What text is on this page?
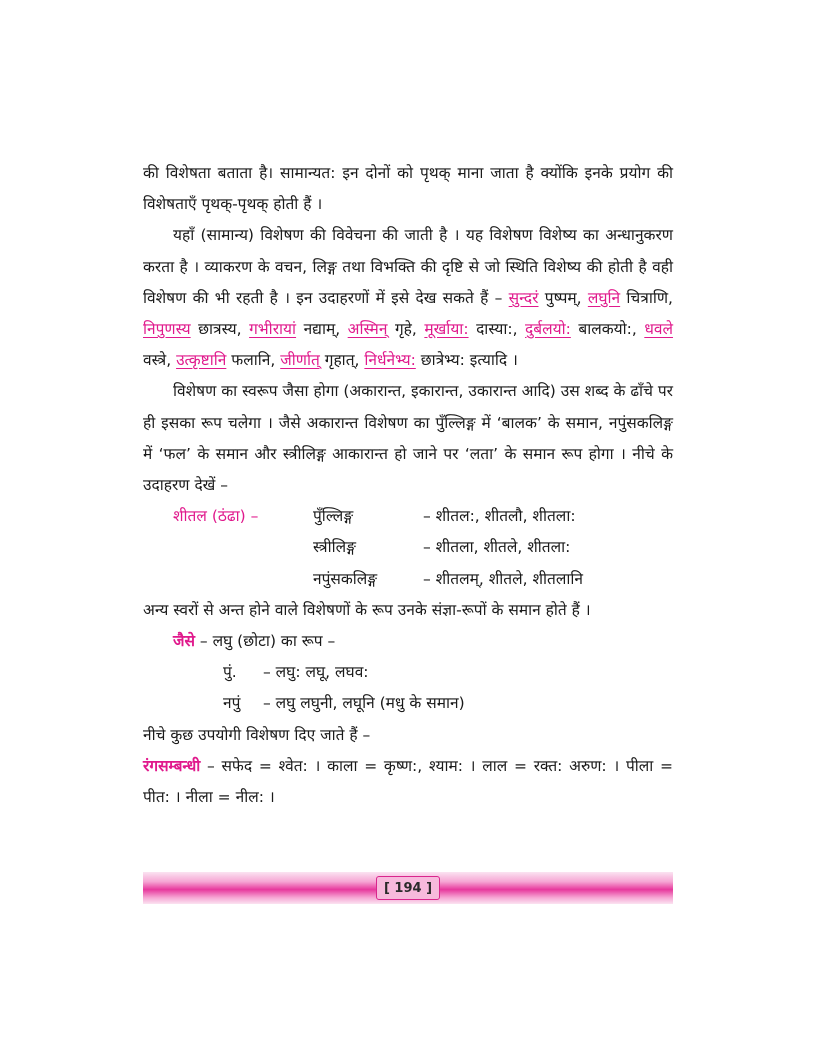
की विशेषता बताता है। सामान्यत: इन दोनों को पृथक् माना जाता है क्योंकि इनके प्रयोग की विशेषताएँ पृथक्-पृथक् होती हैं ।

यहाँ (सामान्य) विशेषण की विवेचना की जाती है । यह विशेषण विशेष्य का अन्धानुकरण करता है । व्याकरण के वचन, लिङ्ग तथा विभक्ति की दृष्टि से जो स्थिति विशेष्य की होती है वही विशेषण की भी रहती है । इन उदाहरणों में इसे देख सकते हैं – सुन्दरं पुष्पम्, लघुनि चित्राणि, निपुणस्य छात्रस्य, गभीरायां नद्याम्, अस्मिन् गृहे, मूर्खाया: दास्या:, दुर्बलयो: बालकयो:, धवले वस्त्रे, उत्कृष्टानि फलानि, जीर्णात् गृहात्, निर्धनेभ्य: छात्रेभ्य: इत्यादि ।

विशेषण का स्वरूप जैसा होगा (अकारान्त, इकारान्त, उकारान्त आदि) उस शब्द के ढाँचे पर ही इसका रूप चलेगा । जैसे अकारान्त विशेषण का पुँल्लिङ्ग में ‘बालक’ के समान, नपुंसकलिङ्ग में ‘फल’ के समान और स्त्रीलिङ्ग आकारान्त हो जाने पर ‘लता’ के समान रूप होगा । नीचे के उदाहरण देखें –

शीतल (ठंढा) –	पुँल्लिङ्ग	– शीतल:, शीतलौ, शीतला:
स्त्रीलिङ्ग	– शीतला, शीतले, शीतला:
नपुंसकलिङ्ग	– शीतलम्, शीतले, शीतलानि

अन्य स्वरों से अन्त होने वाले विशेषणों के रूप उनके संज्ञा-रूपों के समान होते हैं ।

जैसे – लघु (छोटा) का रूप –
पुं.	– लघु: लघू, लघव:
नपुं	– लघु लघुनी, लघूनि (मधु के समान)

नीचे कुछ उपयोगी विशेषण दिए जाते हैं –

रंगसम्बन्धी – सफेद = श्वेत: । काला = कृष्ण:, श्याम: । लाल = रक्त: अरुण: । पीला = पीत: । नीला = नील: ।

[ 194 ]
